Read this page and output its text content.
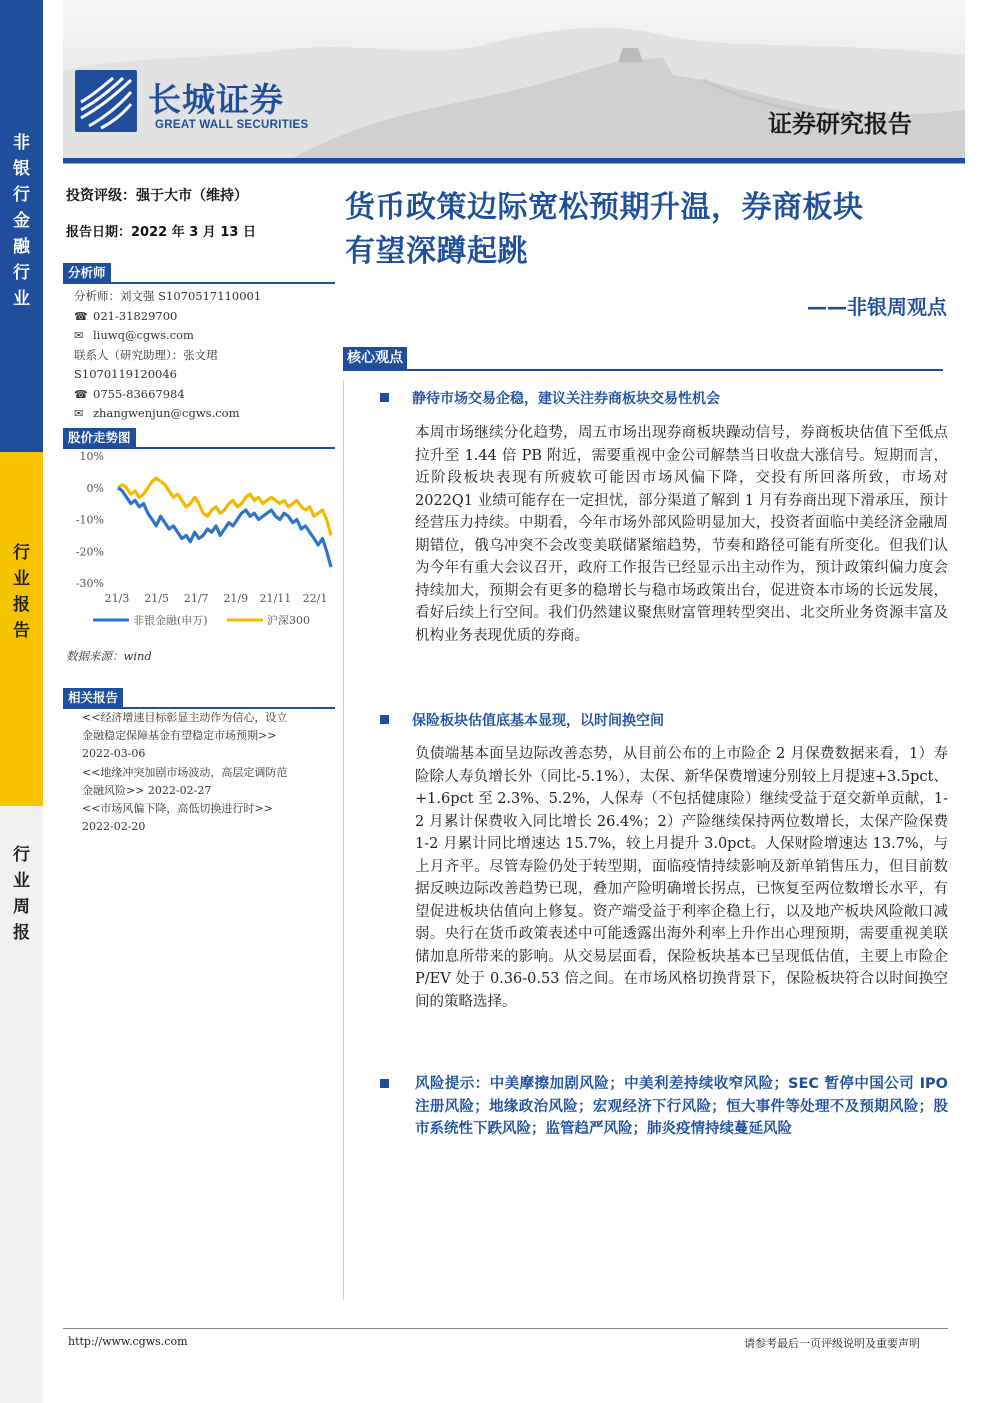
非
银
行
金
融
行
业
行
业
报
告
行
业
周
报
长城证券
GREAT WALL SECURITIES	证券研究报告
投资评级：强于大市（维持）
报告日期：2022 年 3 月 13 日
分析师
分析师：刘文强 S1070517110001
☎ 021-31829700
✉ liuwq@cgws.com
联系人（研究助理）：张文珺
S1070119120046
☎ 0755-83667984
✉ zhangwenjun@cgws.com
股价走势图
10%
0%
-10%
-20%
-30%
21/3 21/5 21/7 21/9 21/11 22/1
非银金融(申万)	沪深300
数据来源：wind
相关报告
<<经济增速目标彰显主动作为信心，设立
金融稳定保障基金有望稳定市场预期>>
2022-03-06
<<地缘冲突加剧市场波动，高层定调防范
金融风险>> 2022-02-27
<<市场风偏下降，高低切换进行时>>
2022-02-20
货币政策边际宽松预期升温，券商板块
有望深蹲起跳
——非银周观点
核心观点
静待市场交易企稳，建议关注券商板块交易性机会
本周市场继续分化趋势，周五市场出现券商板块躁动信号，券商板块估值下至低点拉升至 1.44 倍 PB 附近，需要重视中金公司解禁当日收盘大涨信号。短期而言，近阶段板块表现有所疲软可能因市场风偏下降，交投有所回落所致，市场对 2022Q1 业绩可能存在一定担忧，部分渠道了解到 1 月有券商出现下滑承压，预计经营压力持续。中期看，今年市场外部风险明显加大，投资者面临中美经济金融周期错位，俄乌冲突不会改变美联储紧缩趋势，节奏和路径可能有所变化。但我们认为今年有重大会议召开，政府工作报告已经显示出主动作为，预计政策纠偏力度会持续加大，预期会有更多的稳增长与稳市场政策出台，促进资本市场的长远发展，看好后续上行空间。我们仍然建议聚焦财富管理转型突出、北交所业务资源丰富及机构业务表现优质的券商。
保险板块估值底基本显现，以时间换空间
负债端基本面呈边际改善态势，从目前公布的上市险企 2 月保费数据来看，1）寿险除人寿负增长外（同比-5.1%），太保、新华保费增速分别较上月提速+3.5pct、+1.6pct 至 2.3%、5.2%，人保寿（不包括健康险）继续受益于趸交新单贡献，1-2 月累计保费收入同比增长 26.4%；2）产险继续保持两位数增长，太保产险保费 1-2 月累计同比增速达 15.7%，较上月提升 3.0pct。人保财险增速达 13.7%，与上月齐平。尽管寿险仍处于转型期，面临疫情持续影响及新单销售压力，但目前数据反映边际改善趋势已现，叠加产险明确增长拐点，已恢复至两位数增长水平，有望促进板块估值向上修复。资产端受益于利率企稳上行，以及地产板块风险敞口减弱。央行在货币政策表述中可能透露出海外利率上升作出心理预期，需要重视美联储加息所带来的影响。从交易层面看，保险板块基本已呈现低估值，主要上市险企 P/EV 处于 0.36-0.53 倍之间。在市场风格切换背景下，保险板块符合以时间换空间的策略选择。
风险提示：中美摩擦加剧风险；中美利差持续收窄风险；SEC 暂停中国公司 IPO 注册风险；地缘政治风险；宏观经济下行风险；恒大事件等处理不及预期风险；股市系统性下跌风险；监管趋严风险；肺炎疫情持续蔓延风险
http://www.cgws.com	请参考最后一页评级说明及重要声明
